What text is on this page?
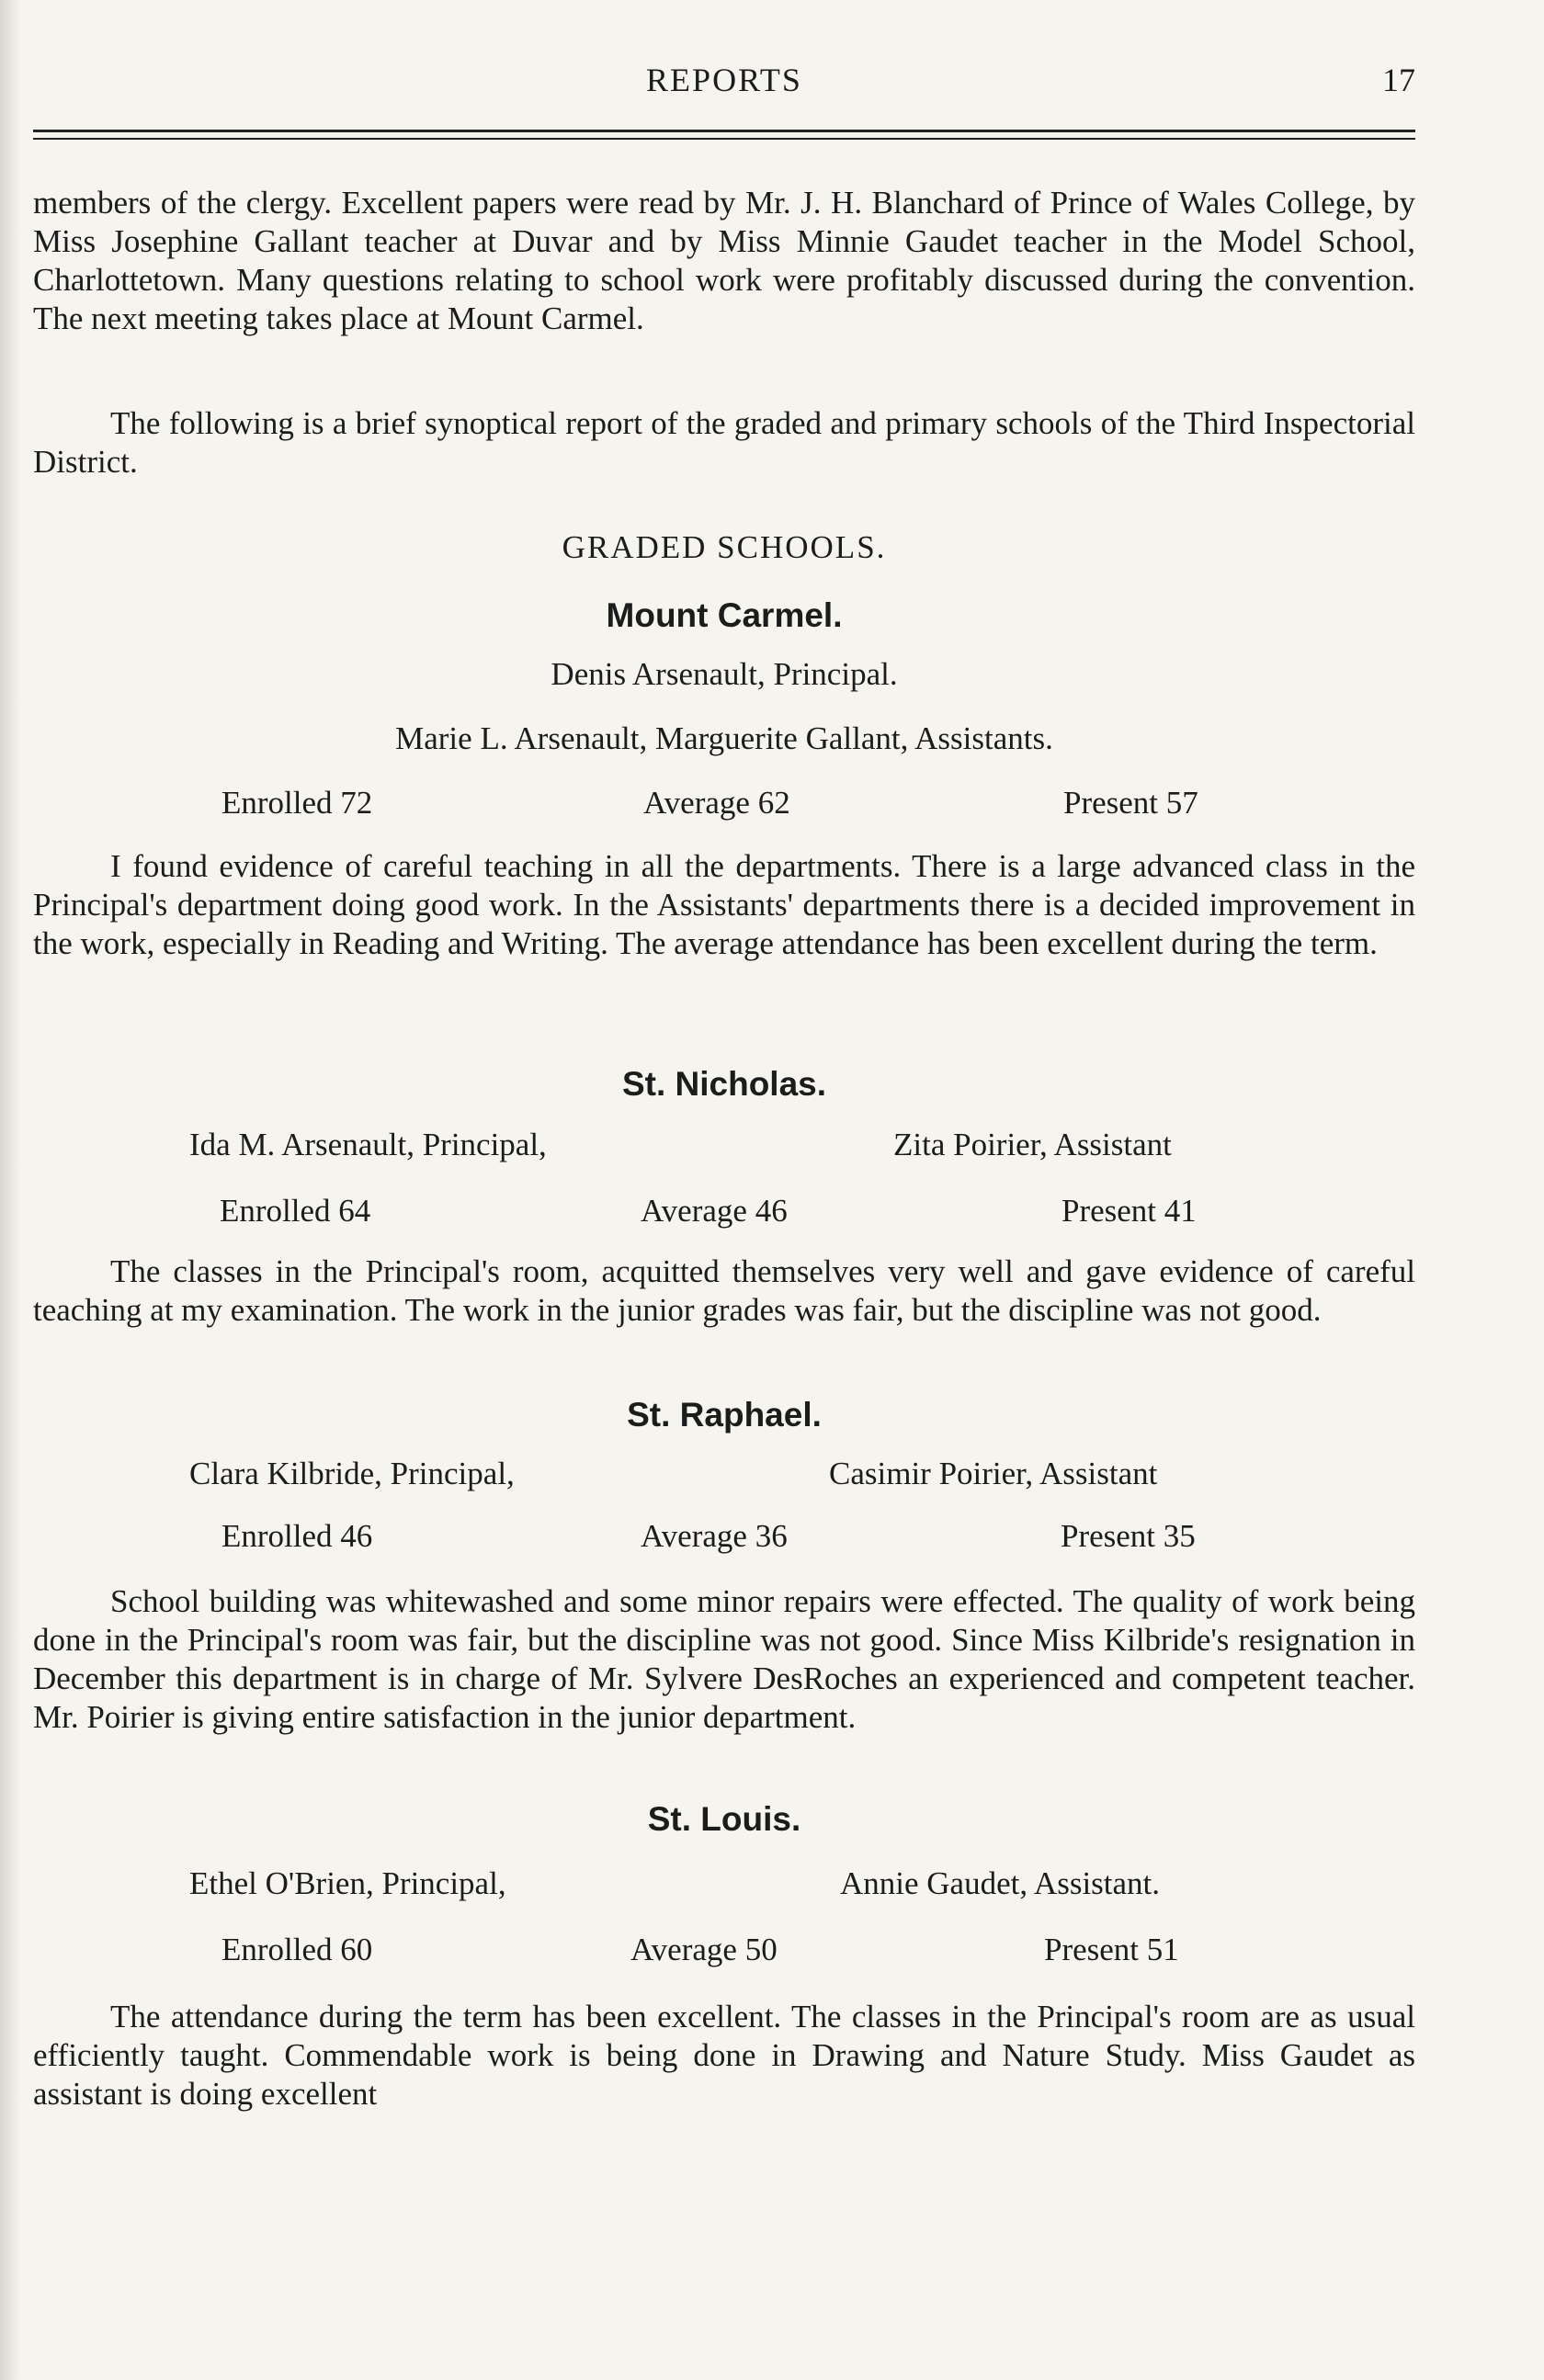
REPORTS	17

members of the clergy. Excellent papers were read by Mr. J. H. Blanchard of Prince of Wales College, by Miss Josephine Gallant teacher at Duvar and by Miss Minnie Gaudet teacher in the Model School, Charlottetown. Many questions relating to school work were profitably discussed during the convention. The next meeting takes place at Mount Carmel.

The following is a brief synoptical report of the graded and primary schools of the Third Inspectorial District.

GRADED SCHOOLS.
Mount Carmel.
Denis Arsenault, Principal.
Marie L. Arsenault, Marguerite Gallant, Assistants.
Enrolled 72	Average 62	Present 57

I found evidence of careful teaching in all the departments. There is a large advanced class in the Principal's department doing good work. In the Assistants' departments there is a decided improvement in the work, especially in Reading and Writing. The average attendance has been excellent during the term.

St. Nicholas.
Ida M. Arsenault, Principal,	Zita Poirier, Assistant
Enrolled 64	Average 46	Present 41

The classes in the Principal's room, acquitted themselves very well and gave evidence of careful teaching at my examination. The work in the junior grades was fair, but the discipline was not good.

St. Raphael.
Clara Kilbride, Principal,	Casimir Poirier, Assistant
Enrolled 46	Average 36	Present 35

School building was whitewashed and some minor repairs were effected. The quality of work being done in the Principal's room was fair, but the discipline was not good. Since Miss Kilbride's resignation in December this department is in charge of Mr. Sylvere DesRoches an experienced and competent teacher. Mr. Poirier is giving entire satisfaction in the junior department.

St. Louis.
Ethel O'Brien, Principal,	Annie Gaudet, Assistant.
Enrolled 60	Average 50	Present 51

The attendance during the term has been excellent. The classes in the Principal's room are as usual efficiently taught. Commendable work is being done in Drawing and Nature Study. Miss Gaudet as assistant is doing excellent
